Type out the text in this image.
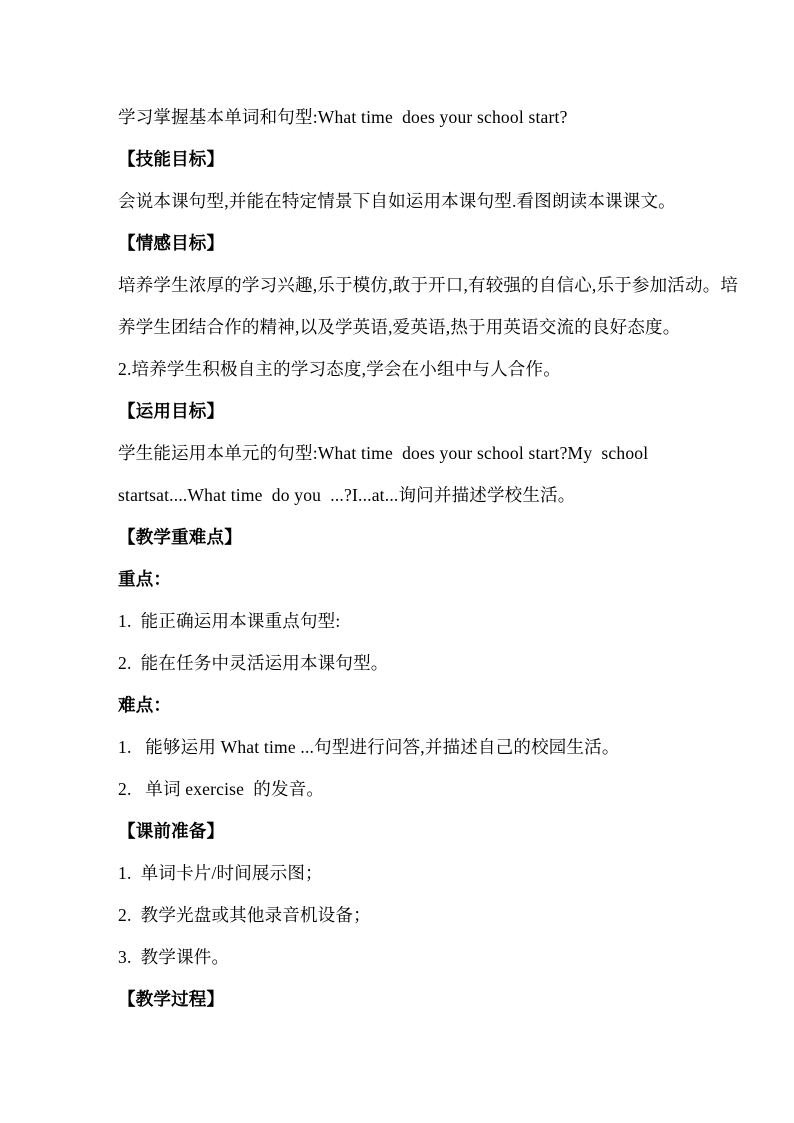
学习掌握基本单词和句型:What time  does your school start?
【技能目标】
会说本课句型,并能在特定情景下自如运用本课句型.看图朗读本课课文。
【情感目标】
培养学生浓厚的学习兴趣,乐于模仿,敢于开口,有较强的自信心,乐于参加活动。培
养学生团结合作的精神,以及学英语,爱英语,热于用英语交流的良好态度。
2.培养学生积极自主的学习态度,学会在小组中与人合作。
【运用目标】
学生能运用本单元的句型:What time  does your school start?My  school
startsat....What time  do you  ...?I...at...询问并描述学校生活。
【教学重难点】
重点：
1.  能正确运用本课重点句型:
2.  能在任务中灵活运用本课句型。
难点：
1.   能够运用 What time ...句型进行问答,并描述自己的校园生活。
2.   单词 exercise  的发音。
【课前准备】
1.  单词卡片/时间展示图；
2.  教学光盘或其他录音机设备；
3.  教学课件。
【教学过程】
